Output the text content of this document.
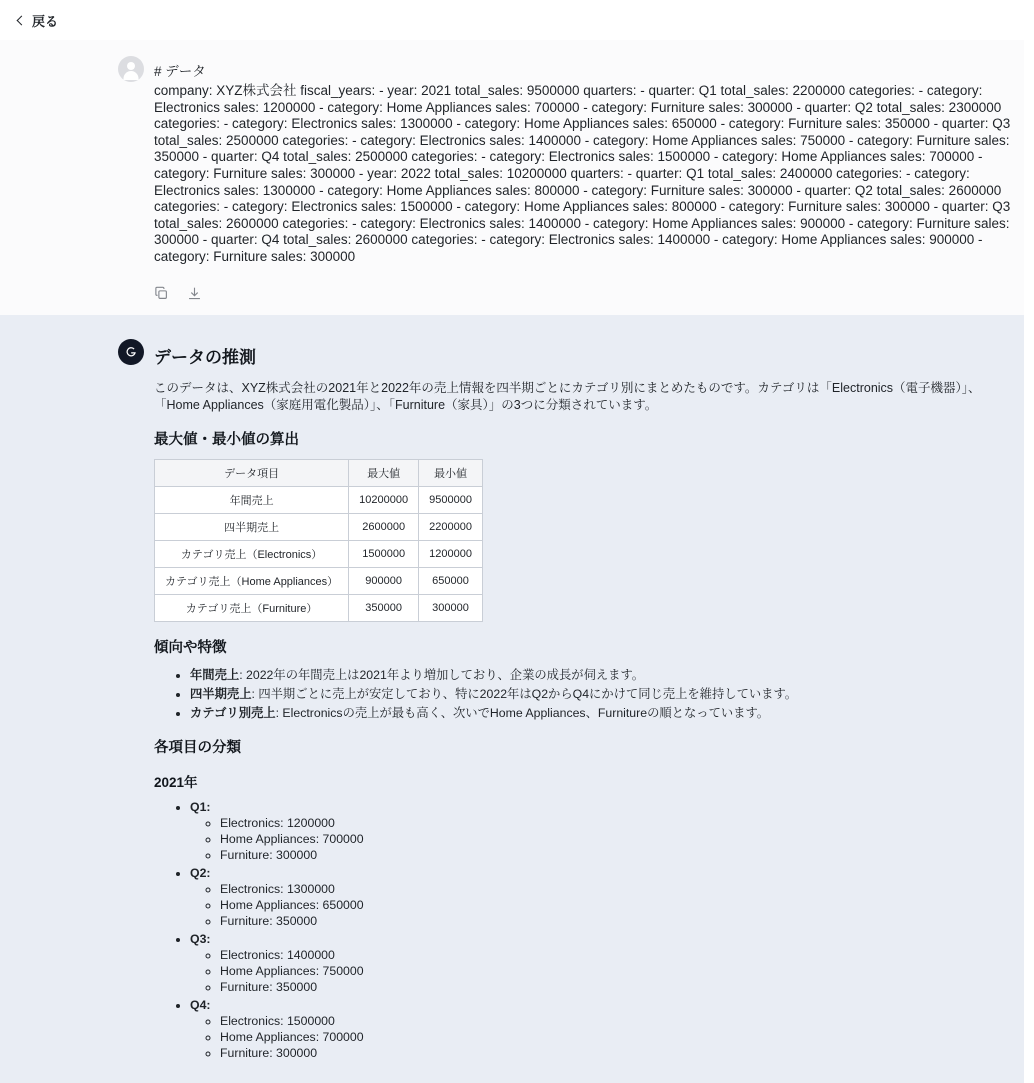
戻る

# データ

company: XYZ株式会社 fiscal_years: - year: 2021 total_sales: 9500000 quarters: - quarter: Q1 total_sales: 2200000 categories: - category: Electronics sales: 1200000 - category: Home Appliances sales: 700000 - category: Furniture sales: 300000 - quarter: Q2 total_sales: 2300000 categories: - category: Electronics sales: 1300000 - category: Home Appliances sales: 650000 - category: Furniture sales: 350000 - quarter: Q3 total_sales: 2500000 categories: - category: Electronics sales: 1400000 - category: Home Appliances sales: 750000 - category: Furniture sales: 350000 - quarter: Q4 total_sales: 2500000 categories: - category: Electronics sales: 1500000 - category: Home Appliances sales: 700000 - category: Furniture sales: 300000 - year: 2022 total_sales: 10200000 quarters: - quarter: Q1 total_sales: 2400000 categories: - category: Electronics sales: 1300000 - category: Home Appliances sales: 800000 - category: Furniture sales: 300000 - quarter: Q2 total_sales: 2600000 categories: - category: Electronics sales: 1500000 - category: Home Appliances sales: 800000 - category: Furniture sales: 300000 - quarter: Q3 total_sales: 2600000 categories: - category: Electronics sales: 1400000 - category: Home Appliances sales: 900000 - category: Furniture sales: 300000 - quarter: Q4 total_sales: 2600000 categories: - category: Electronics sales: 1400000 - category: Home Appliances sales: 900000 - category: Furniture sales: 300000

データの推測

このデータは、XYZ株式会社の2021年と2022年の売上情報を四半期ごとにカテゴリ別にまとめたものです。カテゴリは「Electronics（電子機器）」、「Home Appliances（家庭用電化製品）」、「Furniture（家具）」の3つに分類されています。

最大値・最小値の算出
データ項目	最大値	最小値
年間売上	10200000	9500000
四半期売上	2600000	2200000
カテゴリ売上（Electronics）	1500000	1200000
カテゴリ売上（Home Appliances）	900000	650000
カテゴリ売上（Furniture）	350000	300000
傾向や特徴
• 年間売上: 2022年の年間売上は2021年より増加しており、企業の成長が伺えます。
• 四半期売上: 四半期ごとに売上が安定しており、特に2022年はQ2からQ4にかけて同じ売上を維持しています。
• カテゴリ別売上: Electronicsの売上が最も高く、次いでHome Appliances、Furnitureの順となっています。
各項目の分類
2021年
• Q1:
◦ Electronics: 1200000
◦ Home Appliances: 700000
◦ Furniture: 300000
• Q2:
◦ Electronics: 1300000
◦ Home Appliances: 650000
◦ Furniture: 350000
• Q3:
◦ Electronics: 1400000
◦ Home Appliances: 750000
◦ Furniture: 350000
• Q4:
◦ Electronics: 1500000
◦ Home Appliances: 700000
◦ Furniture: 300000
